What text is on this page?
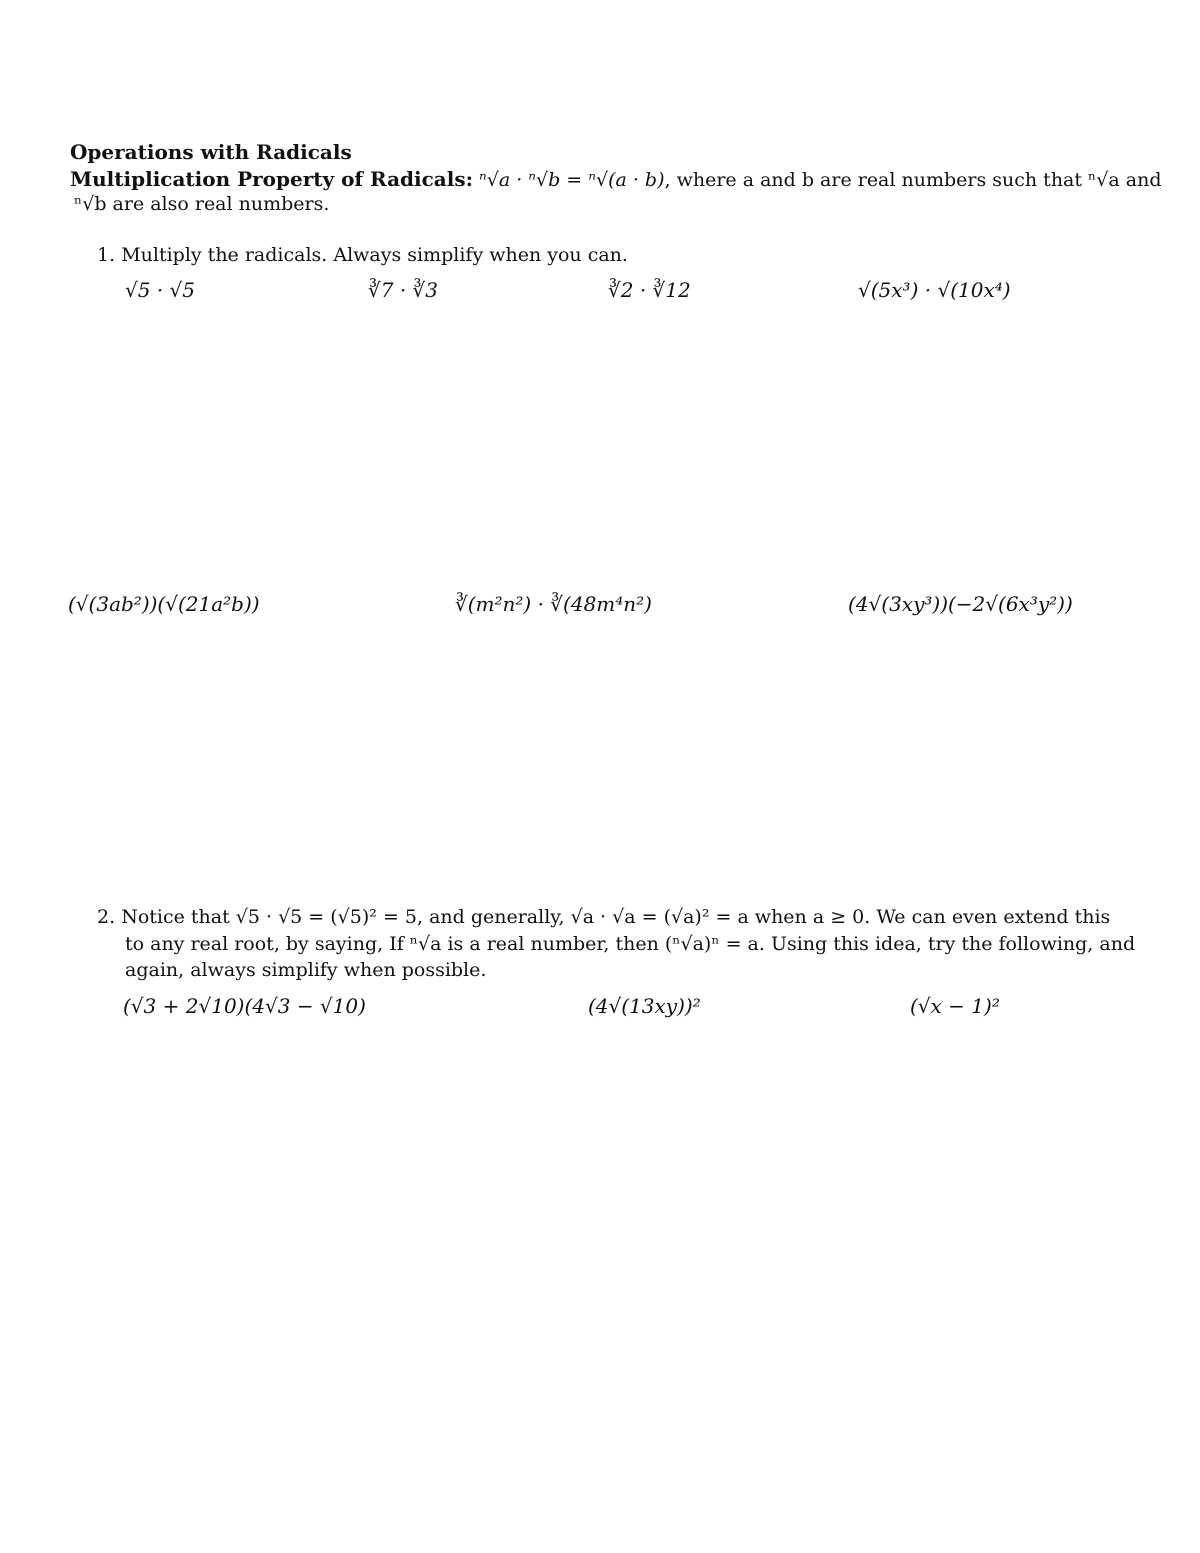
Operations with Radicals
Multiplication Property of Radicals: ⁿ√a · ⁿ√b = ⁿ√(a · b), where a and b are real numbers such that ⁿ√a and
ⁿ√b are also real numbers.
1. Multiply the radicals. Always simplify when you can.
√5 · √5	∛7 · ∛3	∛2 · ∛12	√(5x³) · √(10x⁴)
(√(3ab²))(√(21a²b))	∛(m²n²) · ∛(48m⁴n²)	(4√(3xy³))(−2√(6x³y²))
2. Notice that √5 · √5 = (√5)² = 5, and generally, √a · √a = (√a)² = a when a ≥ 0. We can even extend this
to any real root, by saying, If ⁿ√a is a real number, then (ⁿ√a)ⁿ = a. Using this idea, try the following, and
again, always simplify when possible.
(√3 + 2√10)(4√3 − √10)	(4√(13xy))²	(√x − 1)²
